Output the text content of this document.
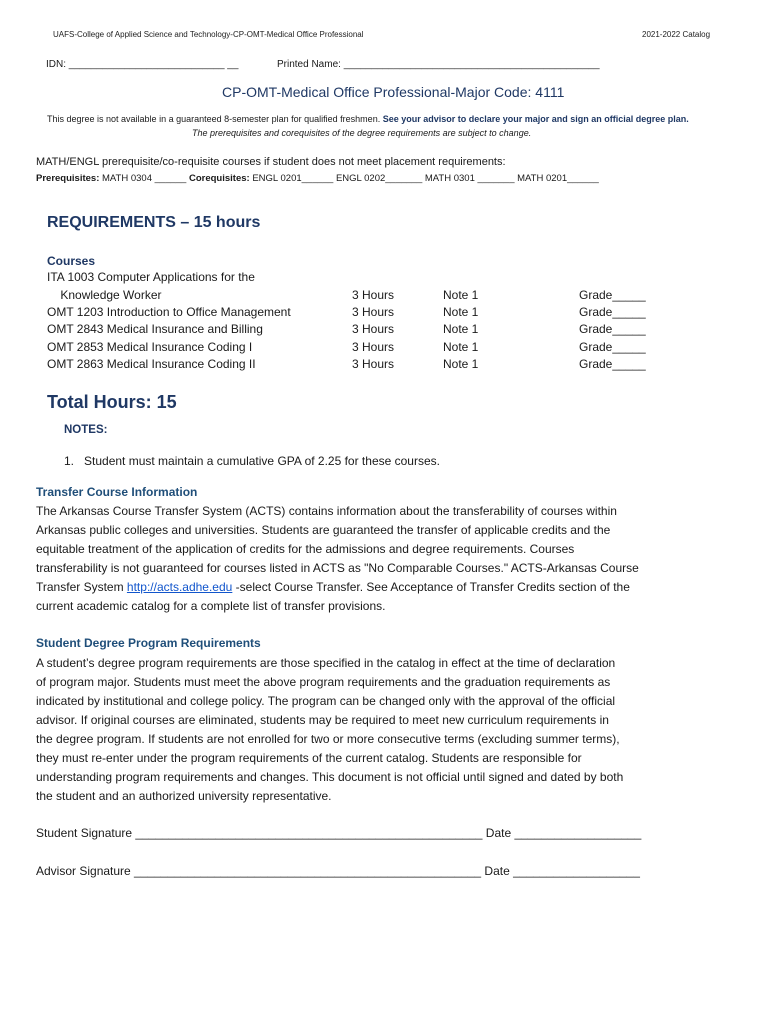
UAFS-College of Applied Science and Technology-CP-OMT-Medical Office Professional	2021-2022 Catalog
IDN: ____________________________ __	Printed Name: ______________________________________________
CP-OMT-Medical Office Professional-Major Code: 4111
This degree is not available in a guaranteed 8-semester plan for qualified freshmen. See your advisor to declare your major and sign an official degree plan.
The prerequisites and corequisites of the degree requirements are subject to change.
MATH/ENGL prerequisite/co-requisite courses if student does not meet placement requirements:
Prerequisites: MATH 0304 ______ Corequisites: ENGL 0201______ ENGL 0202_______ MATH 0301 _______ MATH 0201______
REQUIREMENTS – 15 hours
Courses
ITA 1003 Computer Applications for the
Knowledge Worker	3 Hours	Note 1	Grade_____
OMT 1203 Introduction to Office Management	3 Hours	Note 1	Grade_____
OMT 2843 Medical Insurance and Billing	3 Hours	Note 1	Grade_____
OMT 2853 Medical Insurance Coding I	3 Hours	Note 1	Grade_____
OMT 2863 Medical Insurance Coding II	3 Hours	Note 1	Grade_____
Total Hours: 15
NOTES:
1.   Student must maintain a cumulative GPA of 2.25 for these courses.
Transfer Course Information
The Arkansas Course Transfer System (ACTS) contains information about the transferability of courses within
Arkansas public colleges and universities. Students are guaranteed the transfer of applicable credits and the
equitable treatment of the application of credits for the admissions and degree requirements. Courses
transferability is not guaranteed for courses listed in ACTS as "No Comparable Courses." ACTS-Arkansas Course
Transfer System http://acts.adhe.edu -select Course Transfer. See Acceptance of Transfer Credits section of the
current academic catalog for a complete list of transfer provisions.
Student Degree Program Requirements
A student’s degree program requirements are those specified in the catalog in effect at the time of declaration
of program major. Students must meet the above program requirements and the graduation requirements as
indicated by institutional and college policy. The program can be changed only with the approval of the official
advisor. If original courses are eliminated, students may be required to meet new curriculum requirements in
the degree program. If students are not enrolled for two or more consecutive terms (excluding summer terms),
they must re-enter under the program requirements of the current catalog. Students are responsible for
understanding program requirements and changes. This document is not official until signed and dated by both
the student and an authorized university representative.
Student Signature ____________________________________________________ Date ___________________
Advisor Signature ____________________________________________________ Date ___________________
